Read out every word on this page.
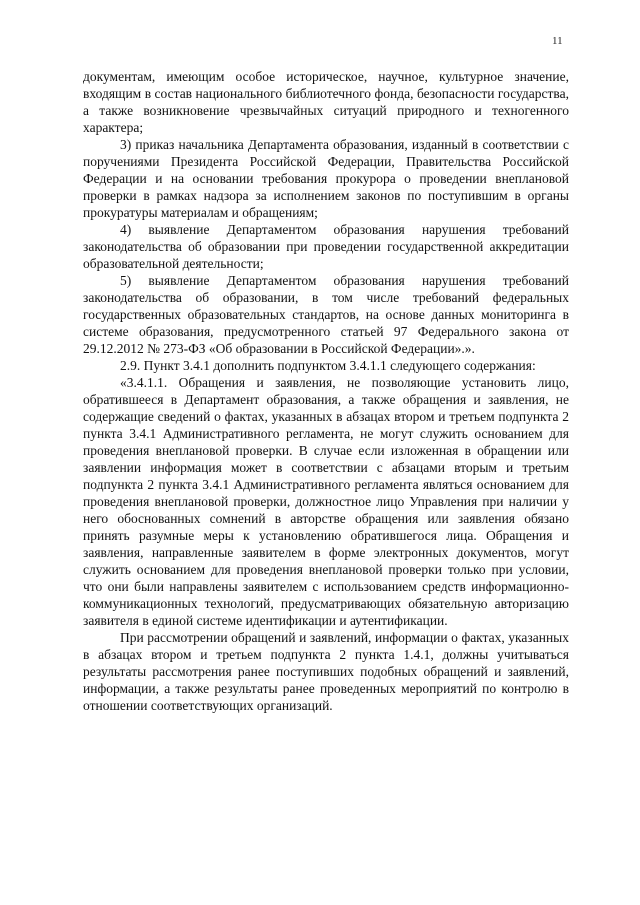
11

документам, имеющим особое историческое, научное, культурное значение, входящим в состав национального библиотечного фонда, безопасности государства, а также возникновение чрезвычайных ситуаций природного и техногенного характера;

3) приказ начальника Департамента образования, изданный в соответствии с поручениями Президента Российской Федерации, Правительства Российской Федерации и на основании требования прокурора о проведении внеплановой проверки в рамках надзора за исполнением законов по поступившим в органы прокуратуры материалам и обращениям;

4) выявление Департаментом образования нарушения требований законодательства об образовании при проведении государственной аккредитации образовательной деятельности;

5) выявление Департаментом образования нарушения требований законодательства об образовании, в том числе требований федеральных государственных образовательных стандартов, на основе данных мониторинга в системе образования, предусмотренного статьей 97 Федерального закона от 29.12.2012 № 273-ФЗ «Об образовании в Российской Федерации».».

2.9. Пункт 3.4.1 дополнить подпунктом 3.4.1.1 следующего содержания:

«3.4.1.1. Обращения и заявления, не позволяющие установить лицо, обратившееся в Департамент образования, а также обращения и заявления, не содержащие сведений о фактах, указанных в абзацах втором и третьем подпункта 2 пункта 3.4.1 Административного регламента, не могут служить основанием для проведения внеплановой проверки. В случае если изложенная в обращении или заявлении информация может в соответствии с абзацами вторым и третьим подпункта 2 пункта 3.4.1 Административного регламента являться основанием для проведения внеплановой проверки, должностное лицо Управления при наличии у него обоснованных сомнений в авторстве обращения или заявления обязано принять разумные меры к установлению обратившегося лица. Обращения и заявления, направленные заявителем в форме электронных документов, могут служить основанием для проведения внеплановой проверки только при условии, что они были направлены заявителем с использованием средств информационно-коммуникационных технологий, предусматривающих обязательную авторизацию заявителя в единой системе идентификации и аутентификации.

При рассмотрении обращений и заявлений, информации о фактах, указанных в абзацах втором и третьем подпункта 2 пункта 1.4.1, должны учитываться результаты рассмотрения ранее поступивших подобных обращений и заявлений, информации, а также результаты ранее проведенных мероприятий по контролю в отношении соответствующих организаций.
